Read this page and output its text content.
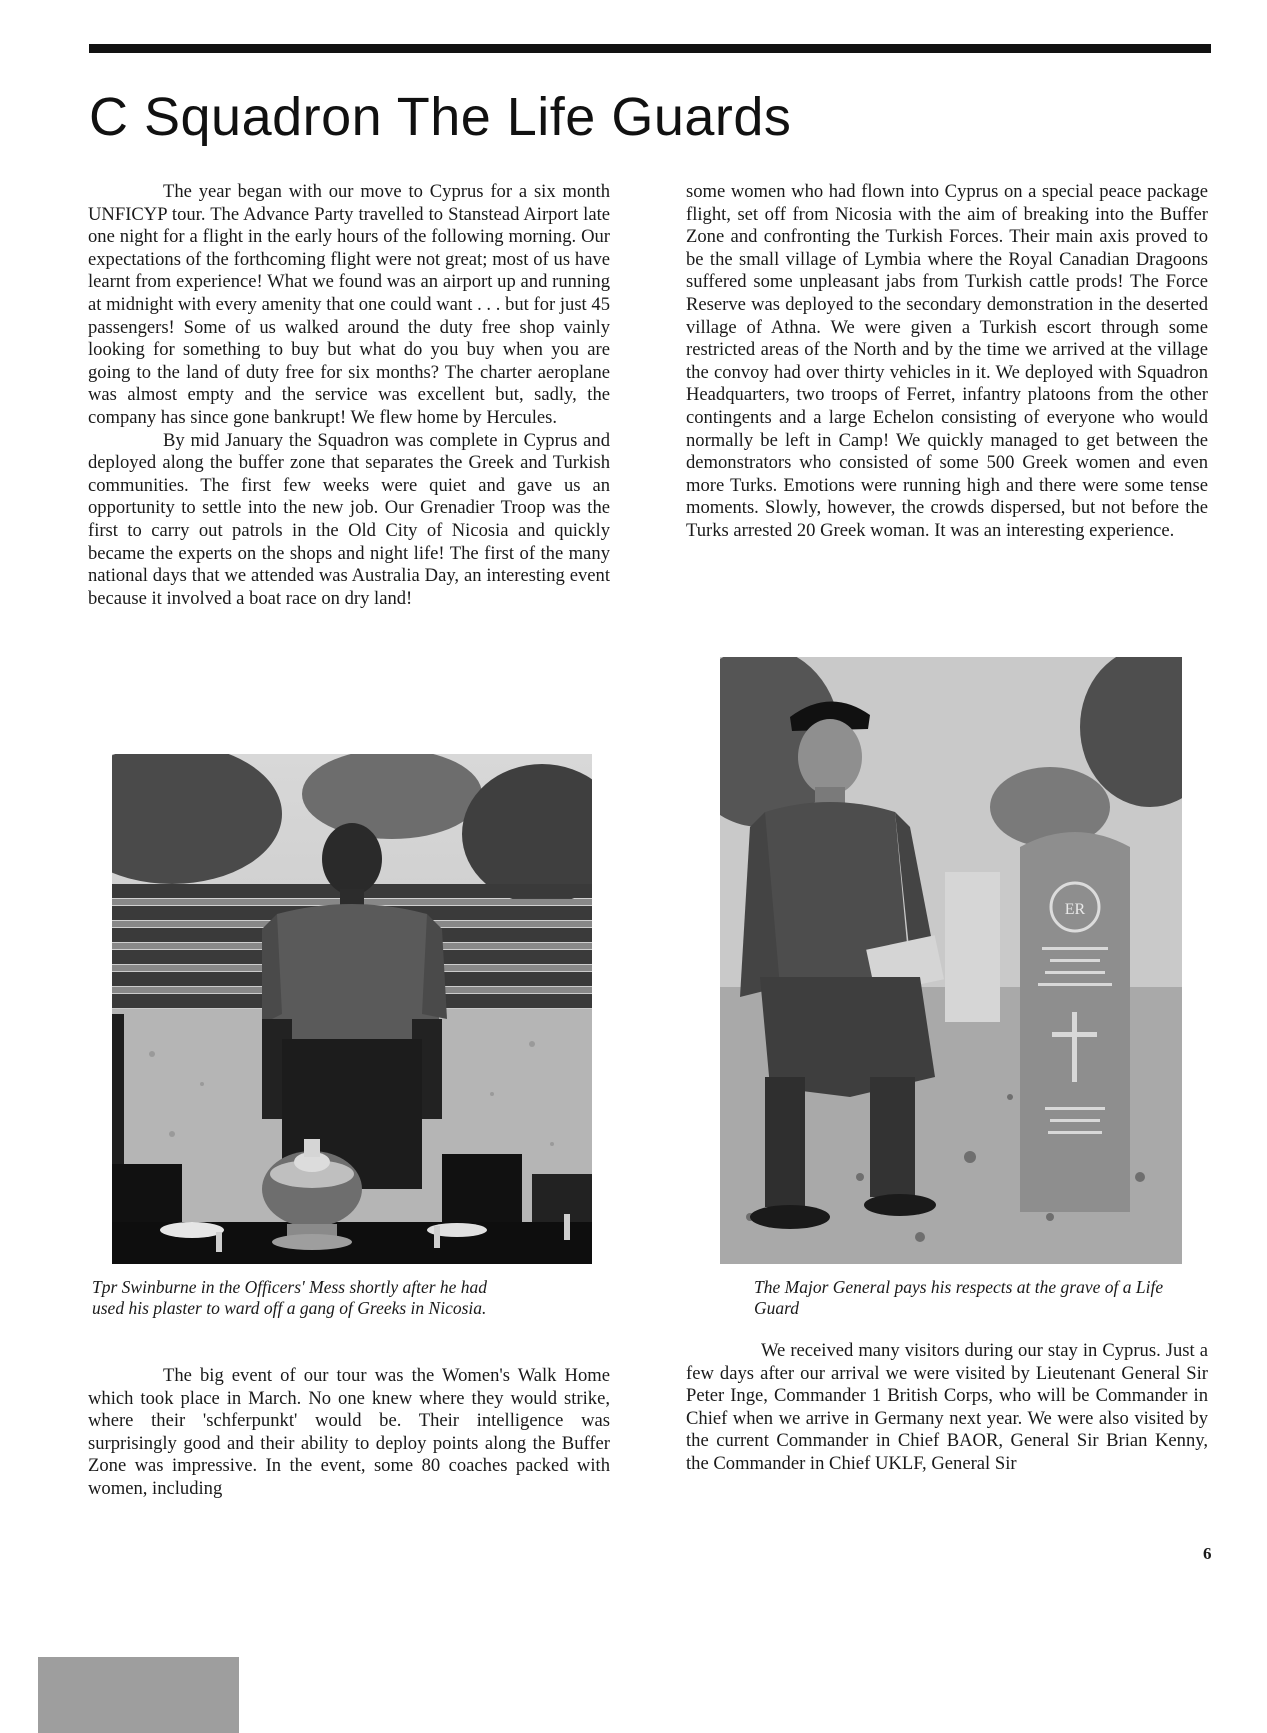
C Squadron The Life Guards

The year began with our move to Cyprus for a six month UNFICYP tour. The Advance Party travelled to Stanstead Airport late one night for a flight in the early hours of the following morning. Our expectations of the forthcoming flight were not great; most of us have learnt from experience! What we found was an airport up and running at midnight with every amenity that one could want . . . but for just 45 passengers! Some of us walked around the duty free shop vainly looking for something to buy but what do you buy when you are going to the land of duty free for six months? The charter aeroplane was almost empty and the service was excellent but, sadly, the company has since gone bankrupt! We flew home by Hercules.

By mid January the Squadron was complete in Cyprus and deployed along the buffer zone that separates the Greek and Turkish communities. The first few weeks were quiet and gave us an opportunity to settle into the new job. Our Grenadier Troop was the first to carry out patrols in the Old City of Nicosia and quickly became the experts on the shops and night life! The first of the many national days that we attended was Australia Day, an interesting event because it involved a boat race on dry land!

Tpr Swinburne in the Officers' Mess shortly after he had used his plaster to ward off a gang of Greeks in Nicosia.

The big event of our tour was the Women's Walk Home which took place in March. No one knew where they would strike, where their 'schferpunkt' would be. Their intelligence was surprisingly good and their ability to deploy points along the Buffer Zone was impressive. In the event, some 80 coaches packed with women, including

some women who had flown into Cyprus on a special peace package flight, set off from Nicosia with the aim of breaking into the Buffer Zone and confronting the Turkish Forces. Their main axis proved to be the small village of Lymbia where the Royal Canadian Dragoons suffered some unpleasant jabs from Turkish cattle prods! The Force Reserve was deployed to the secondary demonstration in the deserted village of Athna. We were given a Turkish escort through some restricted areas of the North and by the time we arrived at the village the convoy had over thirty vehicles in it. We deployed with Squadron Headquarters, two troops of Ferret, infantry platoons from the other contingents and a large Echelon consisting of everyone who would normally be left in Camp! We quickly managed to get between the demonstrators who consisted of some 500 Greek women and even more Turks. Emotions were running high and there were some tense moments. Slowly, however, the crowds dispersed, but not before the Turks arrested 20 Greek woman. It was an interesting experience.

ER
The Major General pays his respects at the grave of a Life Guard

We received many visitors during our stay in Cyprus. Just a few days after our arrival we were visited by Lieutenant General Sir Peter Inge, Commander 1 British Corps, who will be Commander in Chief when we arrive in Germany next year. We were also visited by the current Commander in Chief BAOR, General Sir Brian Kenny, the Commander in Chief UKLF, General Sir

6
